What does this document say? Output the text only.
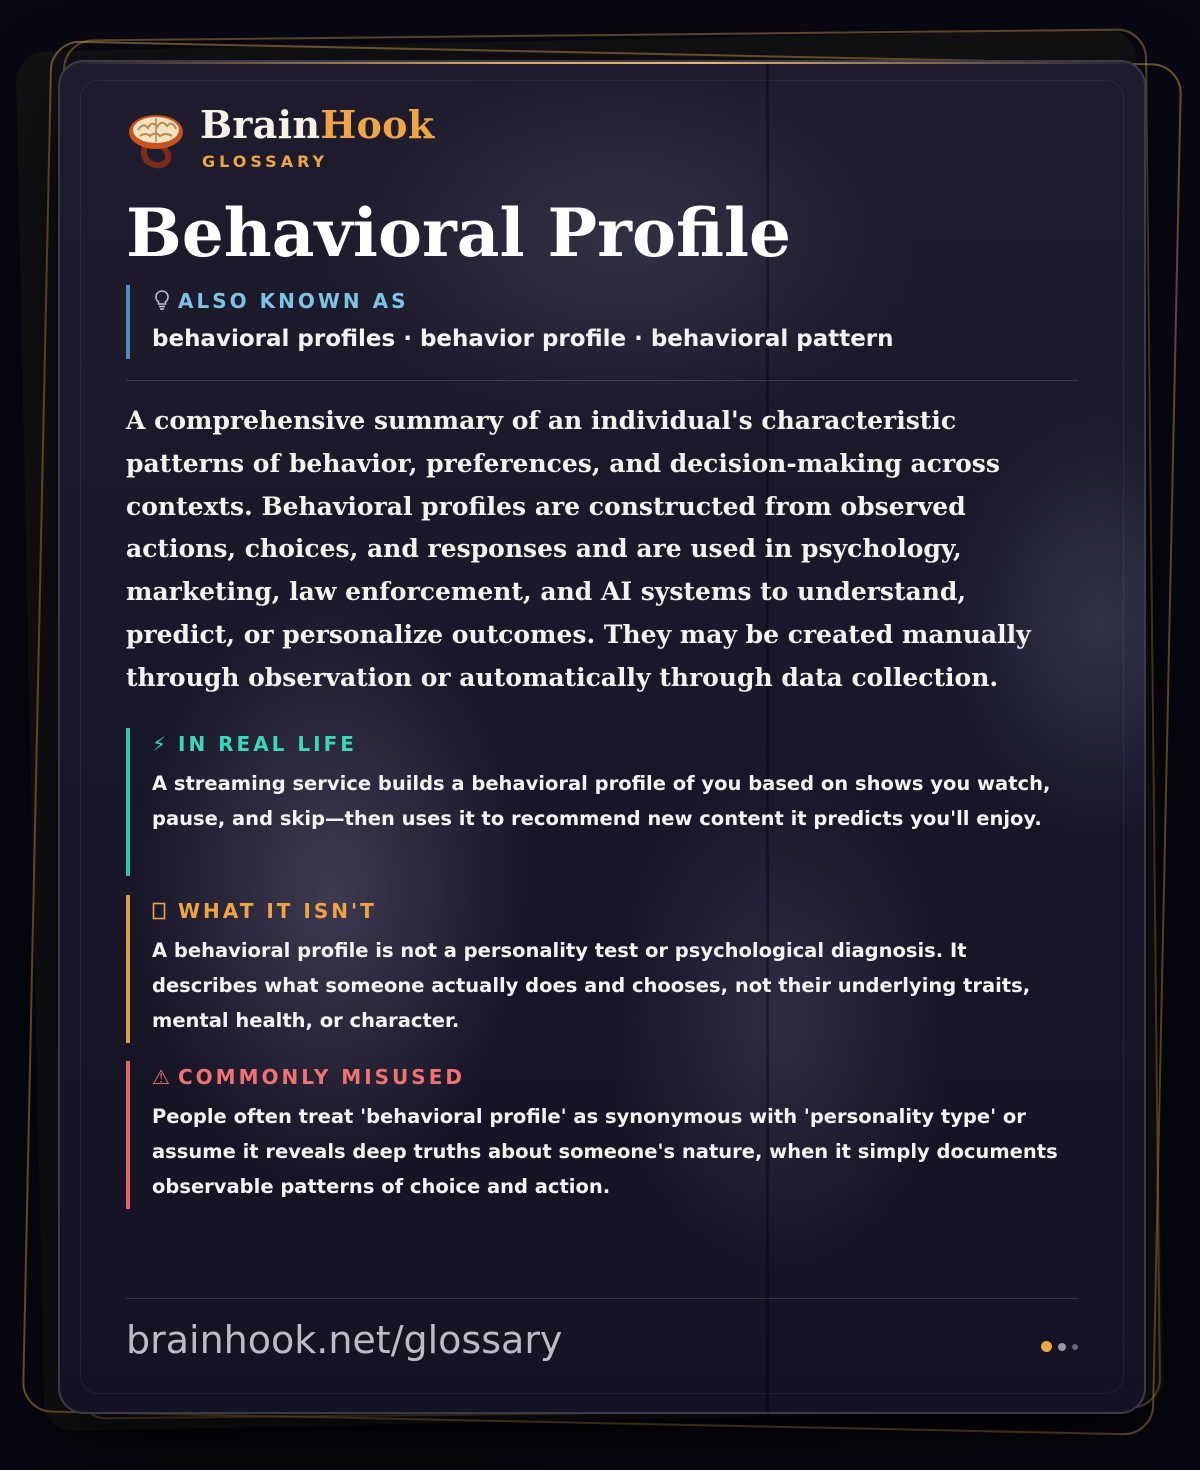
BrainHook
GLOSSARY
Behavioral Profile
ALSO KNOWN AS
behavioral profiles · behavior profile · behavioral pattern

A comprehensive summary of an individual's characteristic patterns of behavior, preferences, and decision-making across contexts. Behavioral profiles are constructed from observed actions, choices, and responses and are used in psychology, marketing, law enforcement, and AI systems to understand, predict, or personalize outcomes. They may be created manually through observation or automatically through data collection.

⚡ IN REAL LIFE
A streaming service builds a behavioral profile of you based on shows you watch, pause, and skip—then uses it to recommend new content it predicts you'll enjoy.
WHAT IT ISN'T
A behavioral profile is not a personality test or psychological diagnosis. It describes what someone actually does and chooses, not their underlying traits, mental health, or character.
⚠ COMMONLY MISUSED
People often treat 'behavioral profile' as synonymous with 'personality type' or assume it reveals deep truths about someone's nature, when it simply documents observable patterns of choice and action.
brainhook.net/glossary
